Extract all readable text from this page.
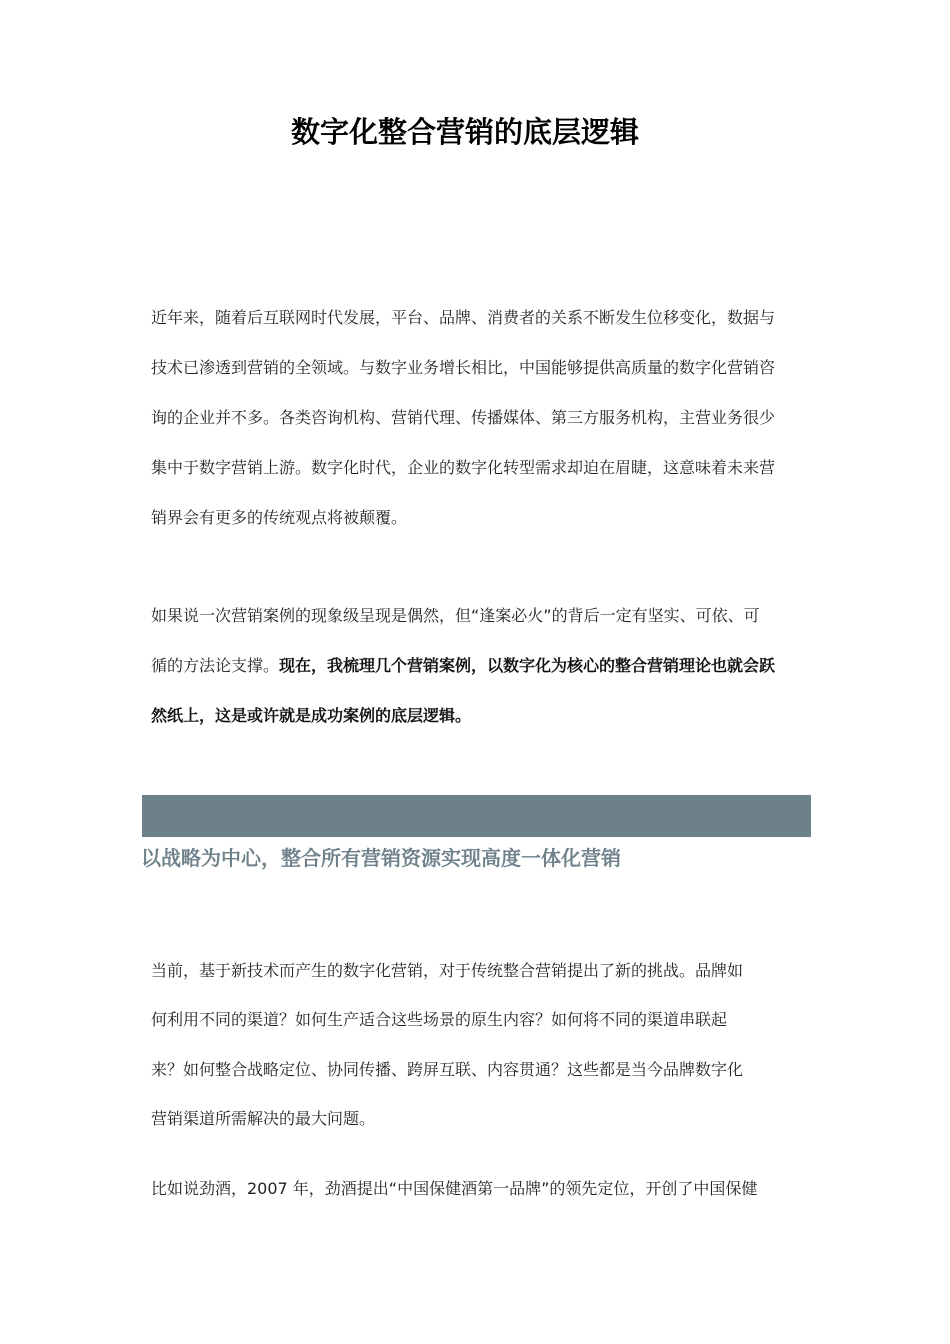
数字化整合营销的底层逻辑

近年来，随着后互联网时代发展，平台、品牌、消费者的关系不断发生位移变化，数据与
技术已渗透到营销的全领域。与数字业务增长相比，中国能够提供高质量的数字化营销咨
询的企业并不多。各类咨询机构、营销代理、传播媒体、第三方服务机构，主营业务很少
集中于数字营销上游。数字化时代，企业的数字化转型需求却迫在眉睫，这意味着未来营
销界会有更多的传统观点将被颠覆。

如果说一次营销案例的现象级呈现是偶然，但“逢案必火”的背后一定有坚实、可依、可
循的方法论支撑。现在，我梳理几个营销案例，以数字化为核心的整合营销理论也就会跃
然纸上，这是或许就是成功案例的底层逻辑。

以战略为中心，整合所有营销资源实现高度一体化营销

当前，基于新技术而产生的数字化营销，对于传统整合营销提出了新的挑战。品牌如
何利用不同的渠道？如何生产适合这些场景的原生内容？如何将不同的渠道串联起
来？如何整合战略定位、协同传播、跨屏互联、内容贯通？这些都是当今品牌数字化
营销渠道所需解决的最大问题。

比如说劲酒，2007 年，劲酒提出“中国保健酒第一品牌”的领先定位，开创了中国保健
